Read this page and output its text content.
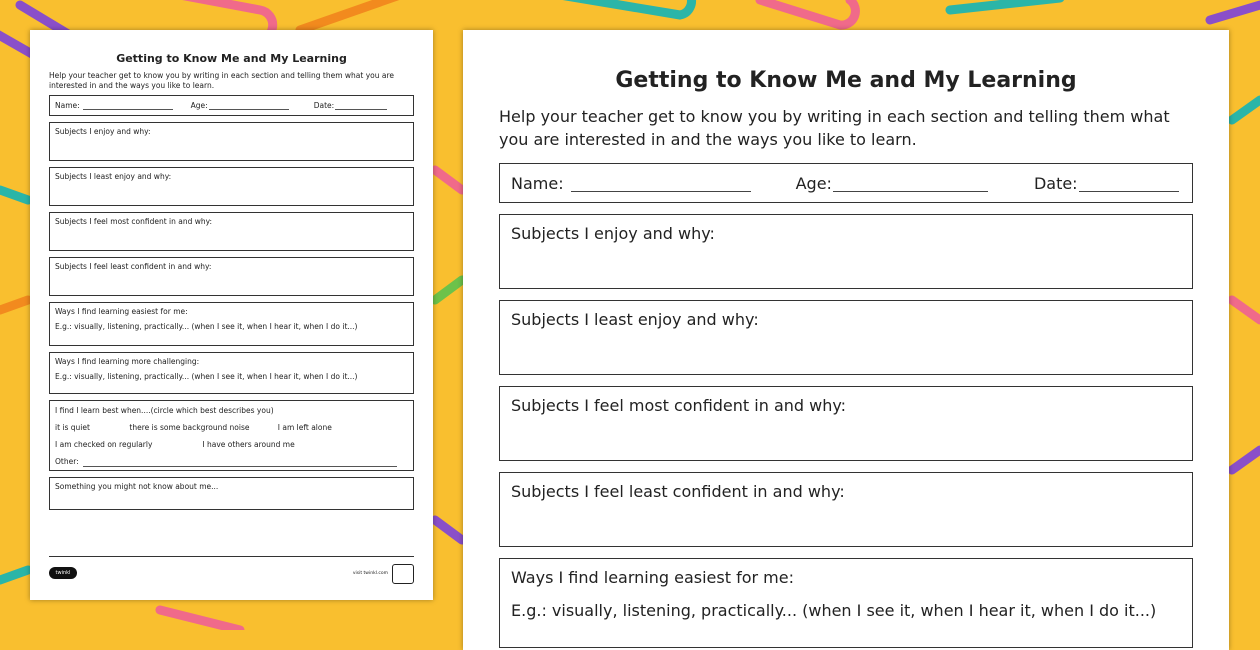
Getting to Know Me and My Learning
Help your teacher get to know you by writing in each section and telling them what you are interested in and the ways you like to learn.
Name:	Age:	Date:
Subjects I enjoy and why:
Subjects I least enjoy and why:
Subjects I feel most confident in and why:
Subjects I feel least confident in and why:
Ways I find learning easiest for me:
E.g.: visually, listening, practically... (when I see it, when I hear it, when I do it...)
Ways I find learning more challenging:
E.g.: visually, listening, practically... (when I see it, when I hear it, when I do it...)
I find I learn best when....(circle which best describes you)
it is quiet	there is some background noise	I am left alone
I am checked on regularly	I have others around me
Other:
Something you might not know about me...
twinkl	visit twinkl.com
Getting to Know Me and My Learning
Help your teacher get to know you by writing in each section and telling them what you are interested in and the ways you like to learn.
Name:	Age:	Date:
Subjects I enjoy and why:
Subjects I least enjoy and why:
Subjects I feel most confident in and why:
Subjects I feel least confident in and why:
Ways I find learning easiest for me:
E.g.: visually, listening, practically... (when I see it, when I hear it, when I do it...)
